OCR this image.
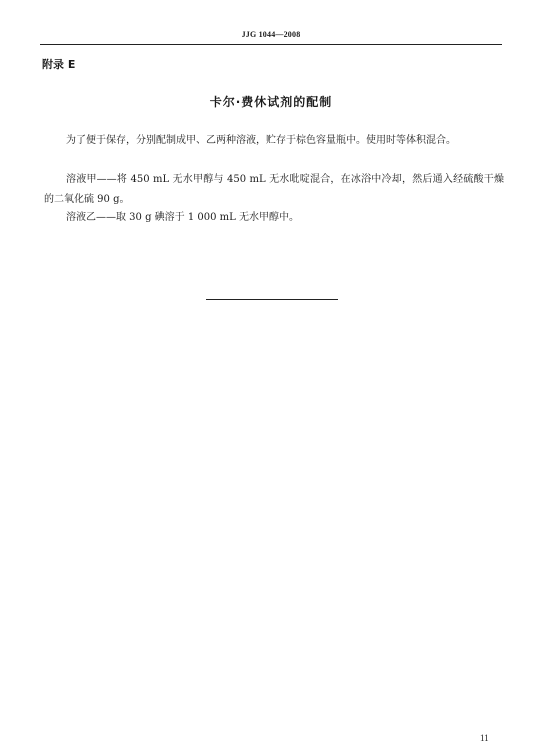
JJG 1044—2008
附录 E
卡尔·费休试剂的配制
为了便于保存，分别配制成甲、乙两种溶液，贮存于棕色容量瓶中。使用时等体积混合。
溶液甲——将 450 mL 无水甲醇与 450 mL 无水吡啶混合，在冰浴中冷却，然后通入经硫酸干燥的二氧化硫 90 g。
溶液乙——取 30 g 碘溶于 1 000 mL 无水甲醇中。
11
